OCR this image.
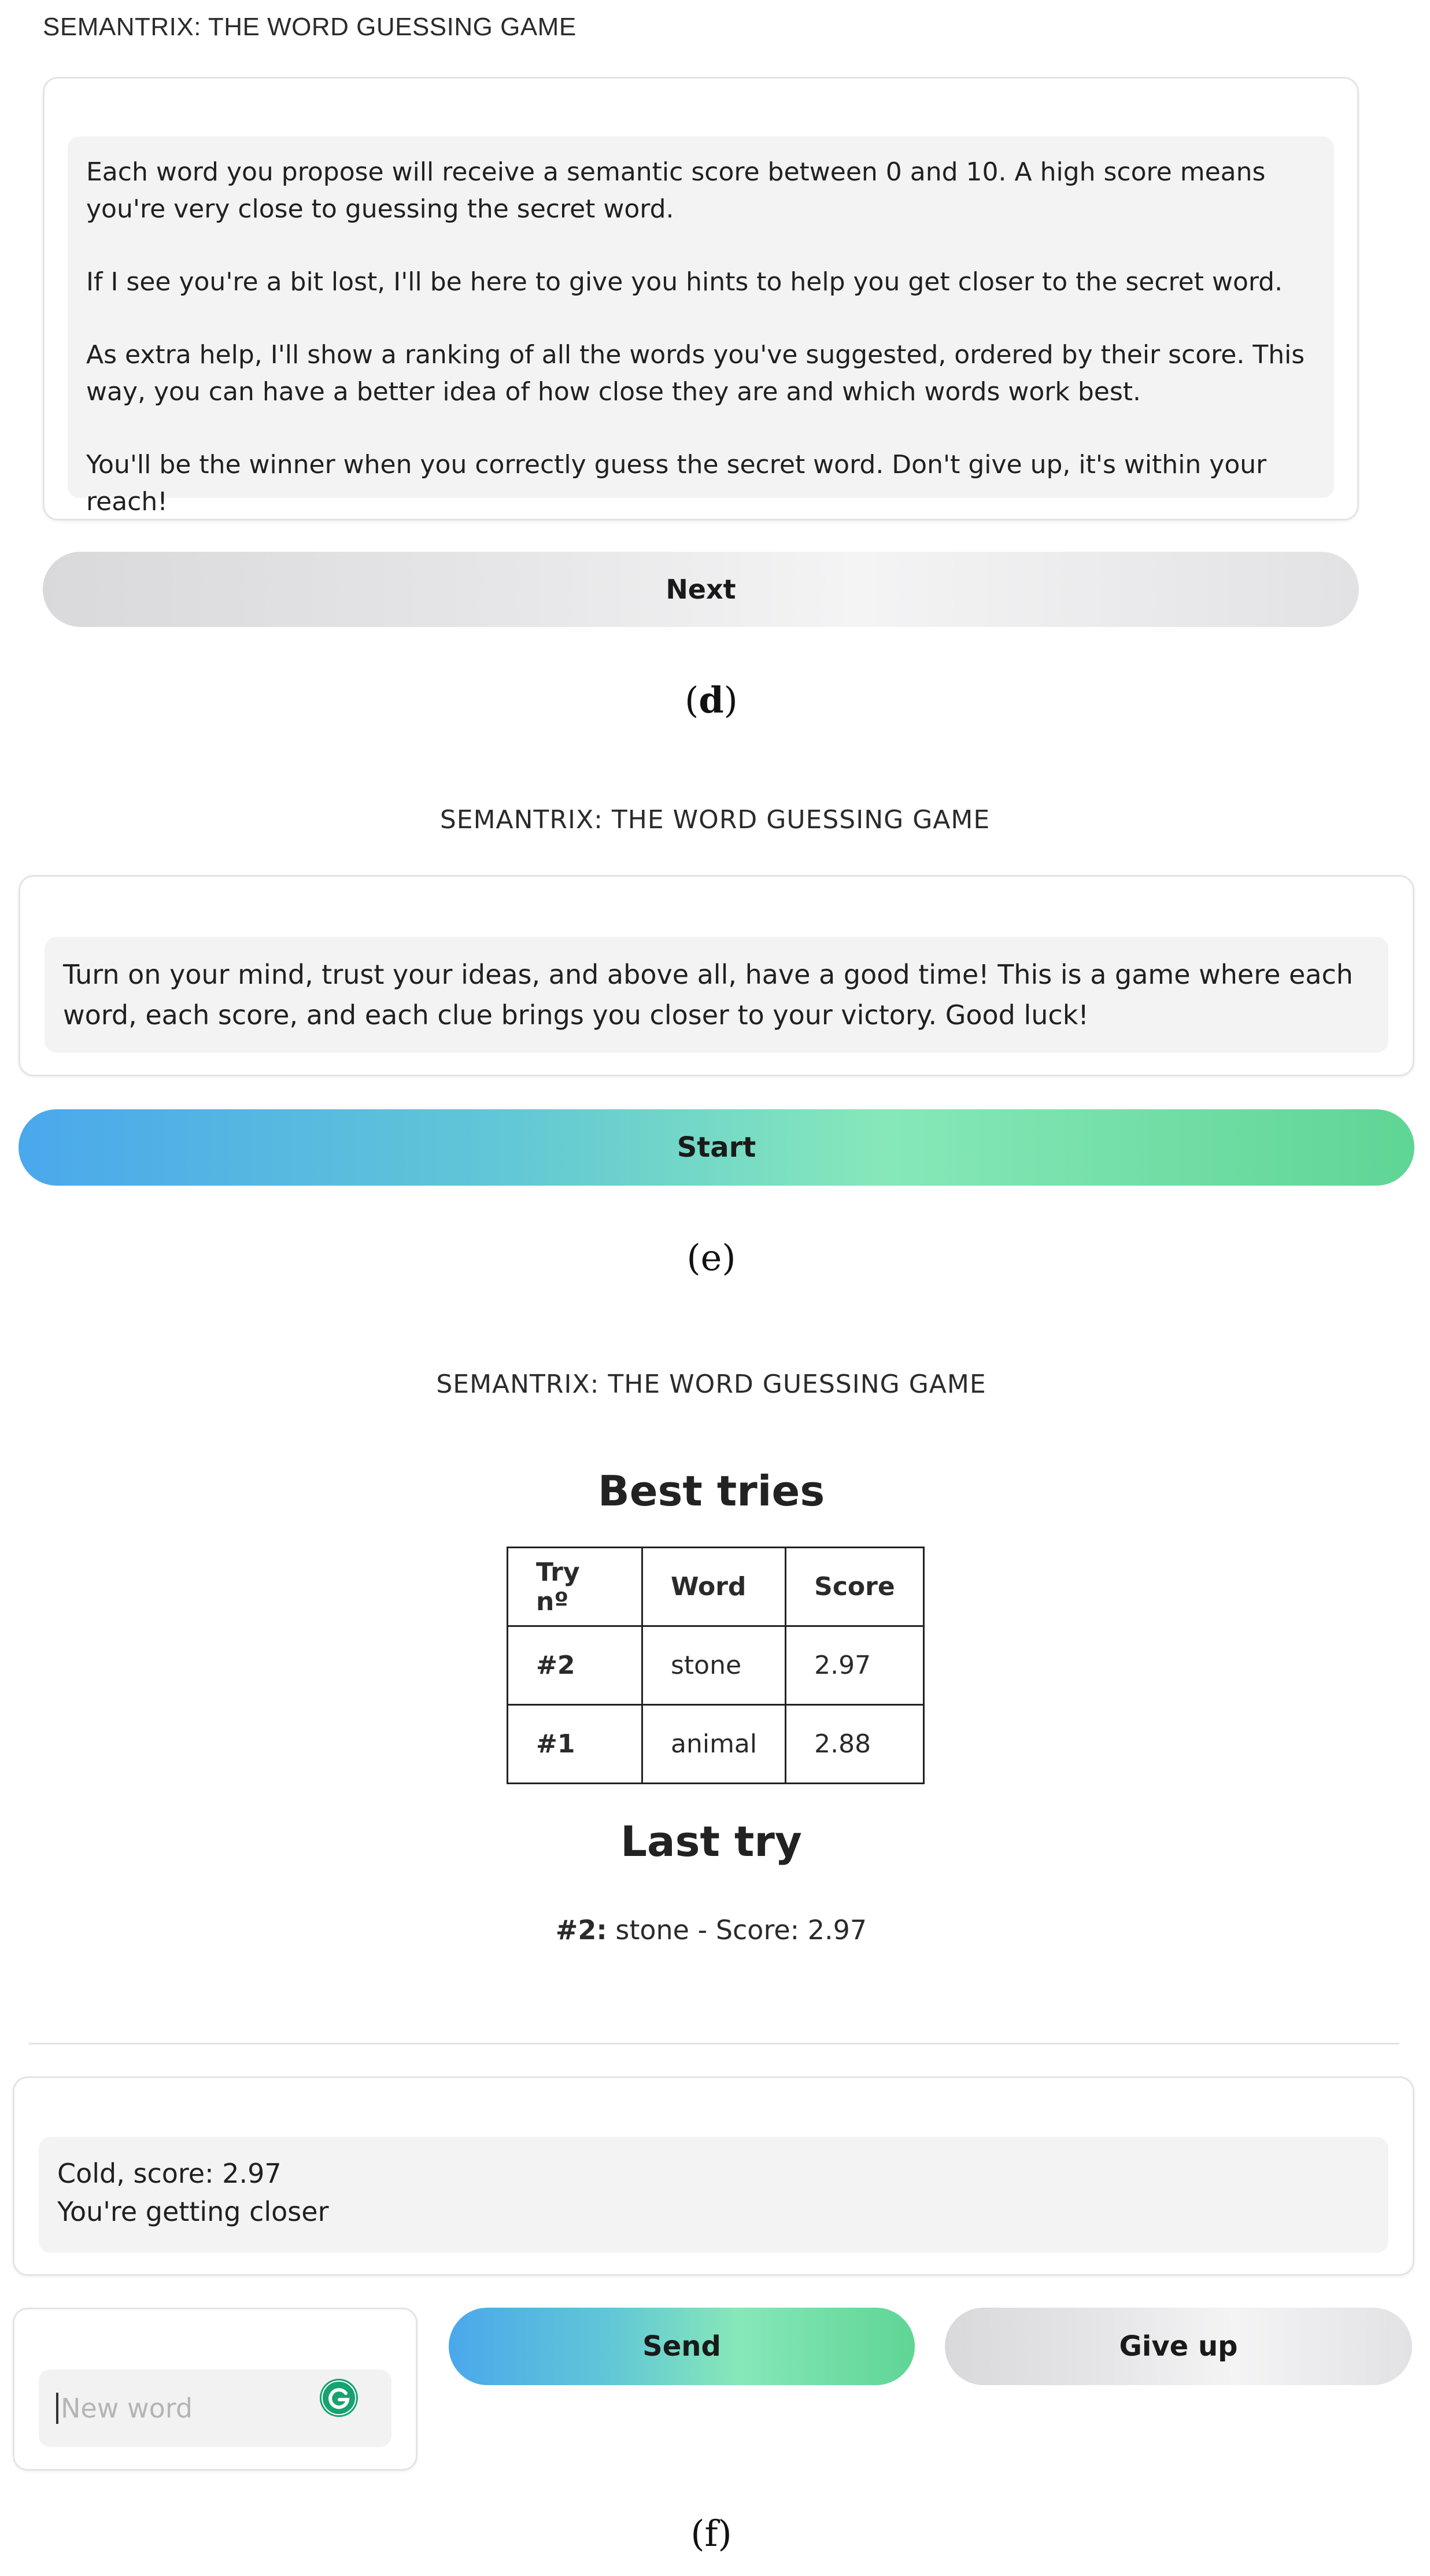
SEMANTRIX: THE WORD GUESSING GAME

Each word you propose will receive a semantic score between 0 and 10. A high score means you're very close to guessing the secret word.

If I see you're a bit lost, I'll be here to give you hints to help you get closer to the secret word.

As extra help, I'll show a ranking of all the words you've suggested, ordered by their score. This way, you can have a better idea of how close they are and which words work best.

You'll be the winner when you correctly guess the secret word. Don't give up, it's within your reach!

Next
(d)
SEMANTRIX: THE WORD GUESSING GAME
Turn on your mind, trust your ideas, and above all, have a good time! This is a game where each word, each score, and each clue brings you closer to your victory. Good luck!
Start
(e)
SEMANTRIX: THE WORD GUESSING GAME
Best tries
Try nº	Word	Score
#2	stone	2.97
#1	animal	2.88
Last try
#2: stone - Score: 2.97
Cold, score: 2.97
You're getting closer
New word
Send	Give up
(f)
